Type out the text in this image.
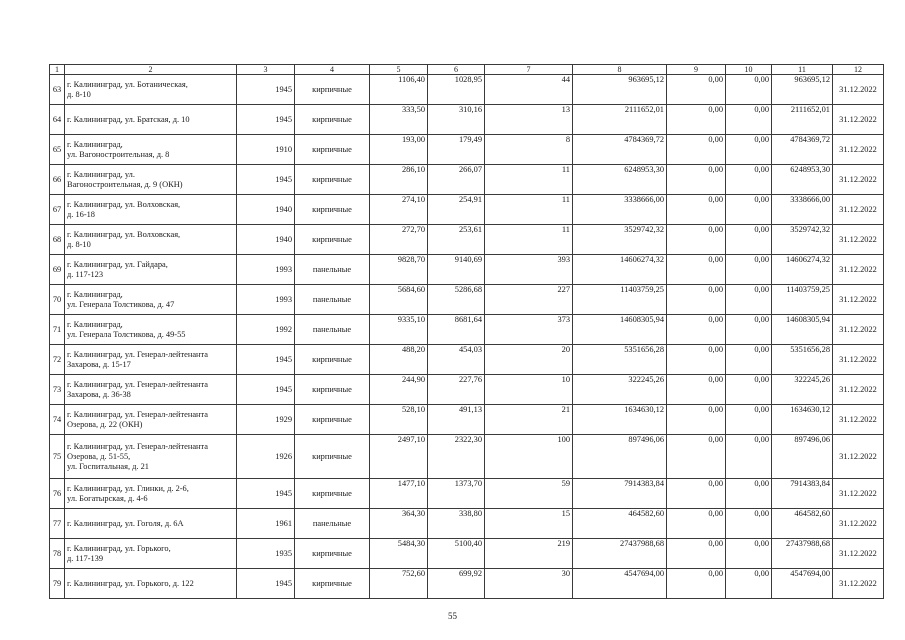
1	2	3	4	5	6	7	8	9	10	11	12
63	г. Калининград, ул. Ботаническая,
д. 8-10	1945	кирпичные	1106,40	1028,95	44	963695,12	0,00	0,00	963695,12	31.12.2022
64	г. Калининград, ул. Братская, д. 10	1945	кирпичные	333,50	310,16	13	2111652,01	0,00	0,00	2111652,01	31.12.2022
65	г. Калининград,
ул. Вагоностроительная, д. 8	1910	кирпичные	193,00	179,49	8	4784369,72	0,00	0,00	4784369,72	31.12.2022
66	г. Калининград, ул.
Вагоностроительная, д. 9 (ОКН)	1945	кирпичные	286,10	266,07	11	6248953,30	0,00	0,00	6248953,30	31.12.2022
67	г. Калининград, ул. Волховская,
д. 16-18	1940	кирпичные	274,10	254,91	11	3338666,00	0,00	0,00	3338666,00	31.12.2022
68	г. Калининград, ул. Волховская,
д. 8-10	1940	кирпичные	272,70	253,61	11	3529742,32	0,00	0,00	3529742,32	31.12.2022
69	г. Калининград, ул. Гайдара,
д. 117-123	1993	панельные	9828,70	9140,69	393	14606274,32	0,00	0,00	14606274,32	31.12.2022
70	г. Калининград,
ул. Генерала Толстикова, д. 47	1993	панельные	5684,60	5286,68	227	11403759,25	0,00	0,00	11403759,25	31.12.2022
71	г. Калининград,
ул. Генерала Толстикова, д. 49-55	1992	панельные	9335,10	8681,64	373	14608305,94	0,00	0,00	14608305,94	31.12.2022
72	г. Калининград, ул. Генерал-лейтенанта
Захарова, д. 15-17	1945	кирпичные	488,20	454,03	20	5351656,28	0,00	0,00	5351656,28	31.12.2022
73	г. Калининград, ул. Генерал-лейтенанта
Захарова, д. 36-38	1945	кирпичные	244,90	227,76	10	322245,26	0,00	0,00	322245,26	31.12.2022
74	г. Калининград, ул. Генерал-лейтенанта
Озерова, д. 22 (ОКН)	1929	кирпичные	528,10	491,13	21	1634630,12	0,00	0,00	1634630,12	31.12.2022
75	г. Калининград, ул. Генерал-лейтенанта
Озерова, д. 51-55,
ул. Госпитальная, д. 21	1926	кирпичные	2497,10	2322,30	100	897496,06	0,00	0,00	897496,06	31.12.2022
76	г. Калининград, ул. Глинки, д. 2-6,
ул. Богатырская, д. 4-6	1945	кирпичные	1477,10	1373,70	59	7914383,84	0,00	0,00	7914383,84	31.12.2022
77	г. Калининград, ул. Гоголя, д. 6А	1961	панельные	364,30	338,80	15	464582,60	0,00	0,00	464582,60	31.12.2022
78	г. Калининград, ул. Горького,
д. 117-139	1935	кирпичные	5484,30	5100,40	219	27437988,68	0,00	0,00	27437988,68	31.12.2022
79	г. Калининград, ул. Горького, д. 122	1945	кирпичные	752,60	699,92	30	4547694,00	0,00	0,00	4547694,00	31.12.2022
55
